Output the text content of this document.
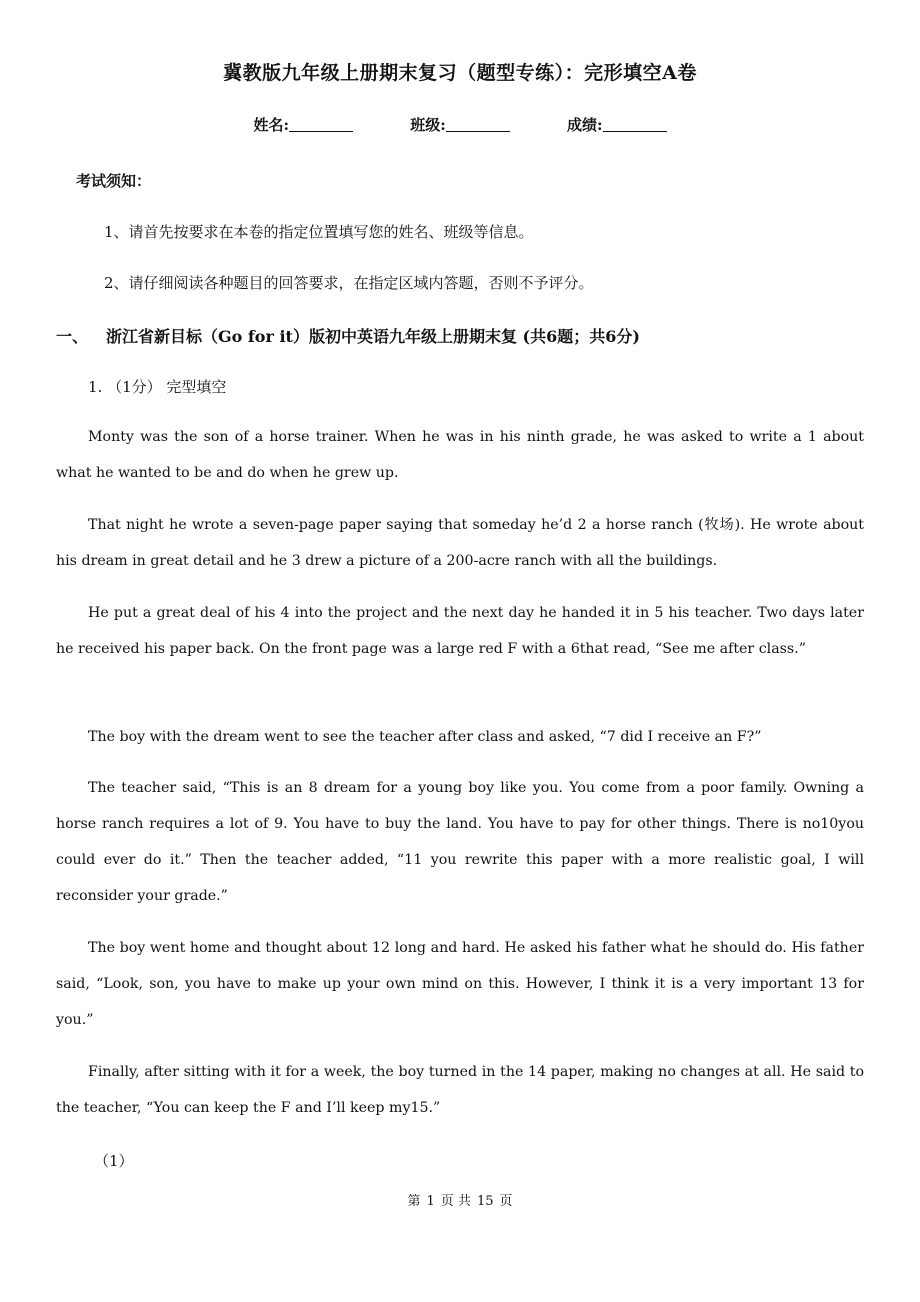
冀教版九年级上册期末复习（题型专练）：完形填空A卷
姓名:	班级:	成绩:
考试须知：
1、请首先按要求在本卷的指定位置填写您的姓名、班级等信息。
2、请仔细阅读各种题目的回答要求，在指定区域内答题，否则不予评分。
一、 浙江省新目标（Go for it）版初中英语九年级上册期末复 (共6题；共6分)
1. （1分） 完型填空

Monty was the son of a horse trainer. When he was in his ninth grade, he was asked to write a 1 about what he wanted to be and do when he grew up.

That night he wrote a seven-page paper saying that someday he’d 2 a horse ranch (牧场). He wrote about his dream in great detail and he 3 drew a picture of a 200-acre ranch with all the buildings.

He put a great deal of his 4 into the project and the next day he handed it in 5 his teacher. Two days later he received his paper back. On the front page was a large red F with a 6that read, “See me after class.”

The boy with the dream went to see the teacher after class and asked, “7 did I receive an F?”

The teacher said, “This is an 8 dream for a young boy like you. You come from a poor family. Owning a horse ranch requires a lot of 9. You have to buy the land. You have to pay for other things. There is no10you could ever do it.” Then the teacher added, “11 you rewrite this paper with a more realistic goal, I will reconsider your grade.”

The boy went home and thought about 12 long and hard. He asked his father what he should do. His father said, “Look, son, you have to make up your own mind on this. However, I think it is a very important 13 for you.”

Finally, after sitting with it for a week, the boy turned in the 14 paper, making no changes at all. He said to the teacher, “You can keep the F and I’ll keep my15.”

（1）
第 1 页 共 15 页
